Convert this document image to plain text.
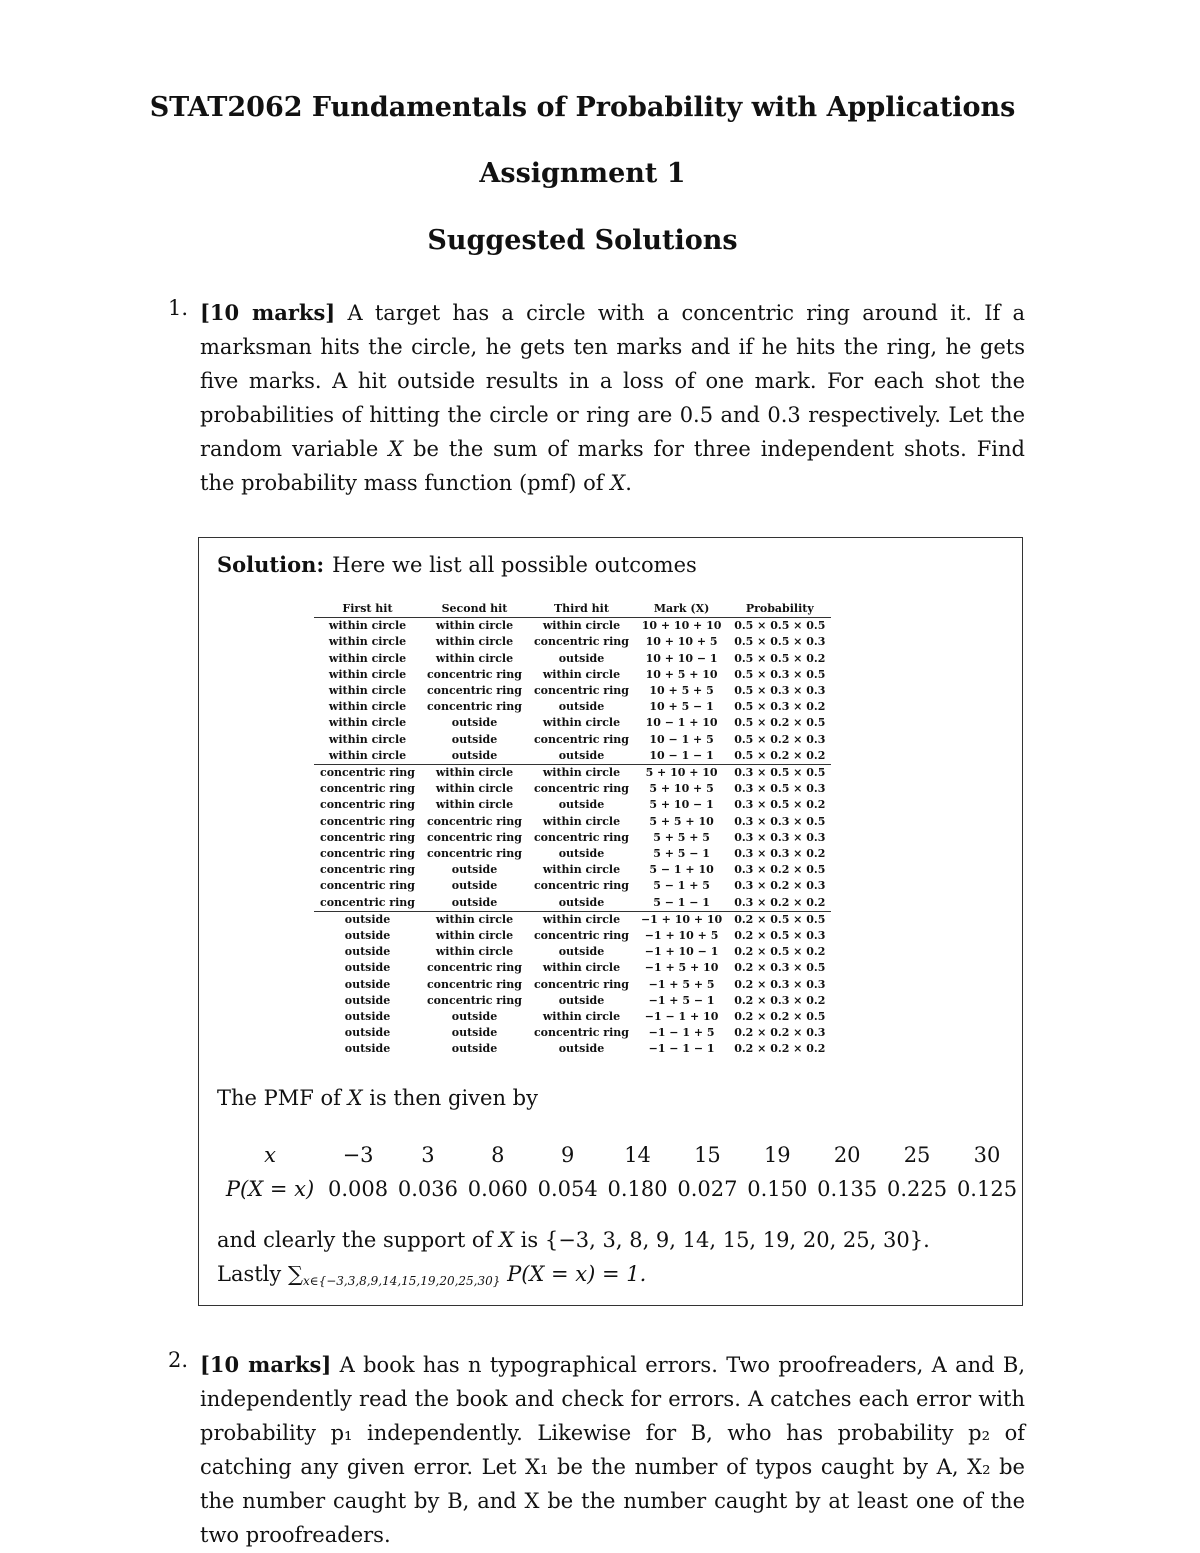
STAT2062 Fundamentals of Probability with Applications
Assignment 1
Suggested Solutions
1. [10 marks] A target has a circle with a concentric ring around it. If a marksman hits the circle, he gets ten marks and if he hits the ring, he gets five marks. A hit outside results in a loss of one mark. For each shot the probabilities of hitting the circle or ring are 0.5 and 0.3 respectively. Let the random variable X be the sum of marks for three independent shots. Find the probability mass function (pmf) of X.
Solution: Here we list all possible outcomes
First hit	Second hit	Third hit	Mark (X)	Probability
within circle	within circle	within circle	10 + 10 + 10	0.5 × 0.5 × 0.5
within circle	within circle	concentric ring	10 + 10 + 5	0.5 × 0.5 × 0.3
within circle	within circle	outside	10 + 10 − 1	0.5 × 0.5 × 0.2
within circle	concentric ring	within circle	10 + 5 + 10	0.5 × 0.3 × 0.5
within circle	concentric ring	concentric ring	10 + 5 + 5	0.5 × 0.3 × 0.3
within circle	concentric ring	outside	10 + 5 − 1	0.5 × 0.3 × 0.2
within circle	outside	within circle	10 − 1 + 10	0.5 × 0.2 × 0.5
within circle	outside	concentric ring	10 − 1 + 5	0.5 × 0.2 × 0.3
within circle	outside	outside	10 − 1 − 1	0.5 × 0.2 × 0.2
concentric ring	within circle	within circle	5 + 10 + 10	0.3 × 0.5 × 0.5
concentric ring	within circle	concentric ring	5 + 10 + 5	0.3 × 0.5 × 0.3
concentric ring	within circle	outside	5 + 10 − 1	0.3 × 0.5 × 0.2
concentric ring	concentric ring	within circle	5 + 5 + 10	0.3 × 0.3 × 0.5
concentric ring	concentric ring	concentric ring	5 + 5 + 5	0.3 × 0.3 × 0.3
concentric ring	concentric ring	outside	5 + 5 − 1	0.3 × 0.3 × 0.2
concentric ring	outside	within circle	5 − 1 + 10	0.3 × 0.2 × 0.5
concentric ring	outside	concentric ring	5 − 1 + 5	0.3 × 0.2 × 0.3
concentric ring	outside	outside	5 − 1 − 1	0.3 × 0.2 × 0.2
outside	within circle	within circle	−1 + 10 + 10	0.2 × 0.5 × 0.5
outside	within circle	concentric ring	−1 + 10 + 5	0.2 × 0.5 × 0.3
outside	within circle	outside	−1 + 10 − 1	0.2 × 0.5 × 0.2
outside	concentric ring	within circle	−1 + 5 + 10	0.2 × 0.3 × 0.5
outside	concentric ring	concentric ring	−1 + 5 + 5	0.2 × 0.3 × 0.3
outside	concentric ring	outside	−1 + 5 − 1	0.2 × 0.3 × 0.2
outside	outside	within circle	−1 − 1 + 10	0.2 × 0.2 × 0.5
outside	outside	concentric ring	−1 − 1 + 5	0.2 × 0.2 × 0.3
outside	outside	outside	−1 − 1 − 1	0.2 × 0.2 × 0.2
The PMF of X is then given by
x	−3	3	8	9	14	15	19	20	25	30
P(X = x)	0.008	0.036	0.060	0.054	0.180	0.027	0.150	0.135	0.225	0.125
and clearly the support of X is {−3, 3, 8, 9, 14, 15, 19, 20, 25, 30}.
Lastly ∑x∈{−3,3,8,9,14,15,19,20,25,30} P(X = x) = 1.
2. [10 marks] A book has n typographical errors. Two proofreaders, A and B, independently read the book and check for errors. A catches each error with probability p₁ independently. Likewise for B, who has probability p₂ of catching any given error. Let X₁ be the number of typos caught by A, X₂ be the number caught by B, and X be the number caught by at least one of the two proofreaders.
